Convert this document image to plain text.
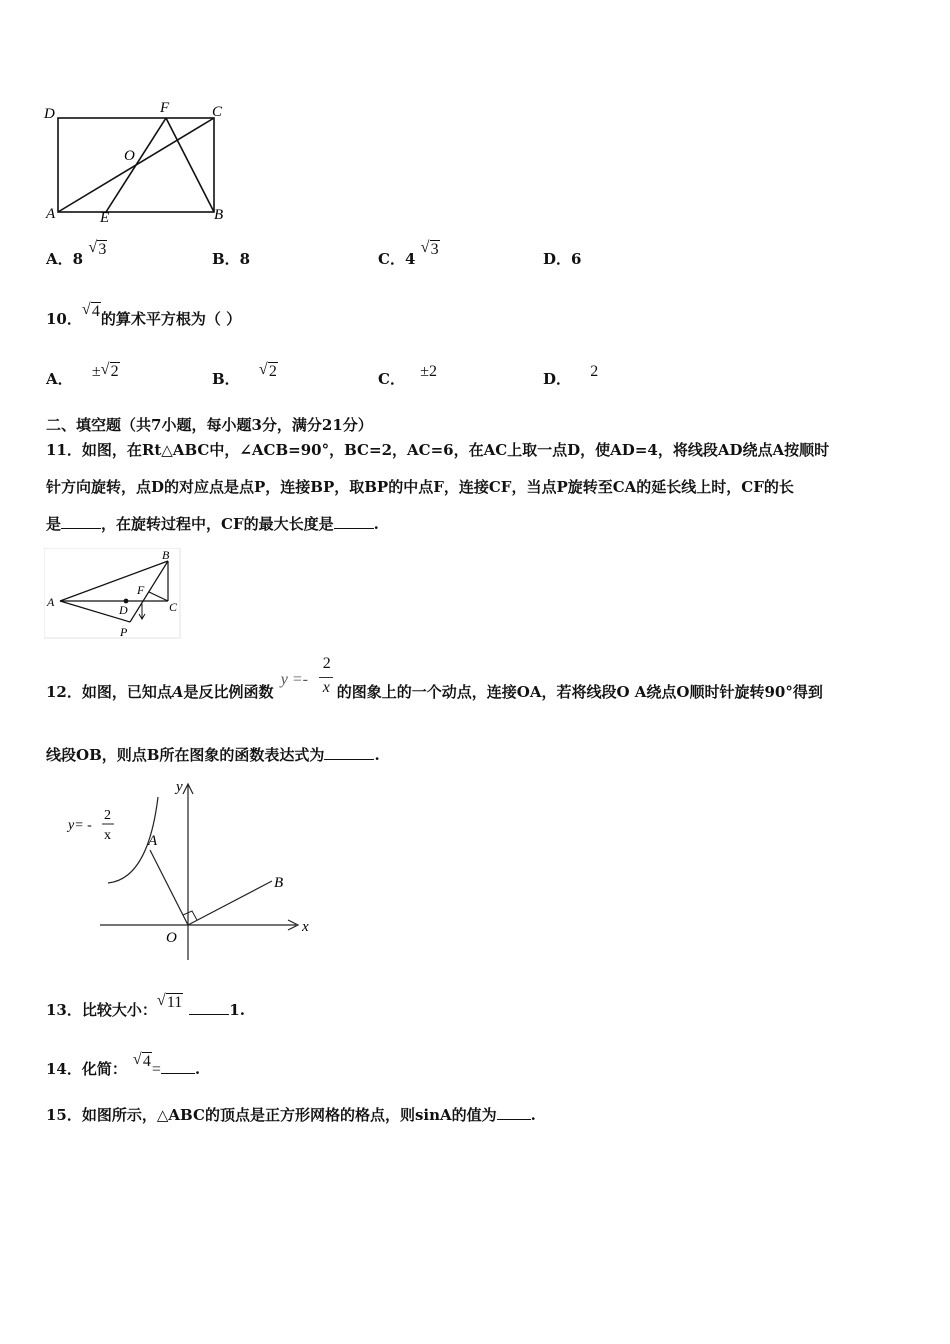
D	F	C
O
A	E	B
A．8
√ 3
B．8	C．4
√ 3
D．6
10．
√ 4的算术平方根为（ ）
A． ± √ 2	B．
√ 2	C． ±2	D． 2
二、填空题（共7小题，每小题3分，满分21分）
11．如图，在Rt△ABC中，∠ACB=90°，BC=2，AC=6，在AC上取一点D，使AD=4，将线段AD绕点A按顺时
针方向旋转，点D的对应点是点P，连接BP，取BP的中点F，连接CF，当点P旋转至CA的延长线上时，CF的长
是	，在旋转过程中，CF的最大长度是	.
A
B
C
D
F
P
12．如图，已知点A是反比例函数
y =-
2
x 的图象上的一个动点，连接OA，若将线段O A绕点O顺时针旋转90°得到
线段OB，则点B所在图象的函数表达式为	.
y= -
2
x
y
x
A
B
O
13．比较大小：
√ 11	1.
14．化简：
√ 4= .
15．如图所示，△ABC的顶点是正方形网格的格点，则sinA的值为 .
